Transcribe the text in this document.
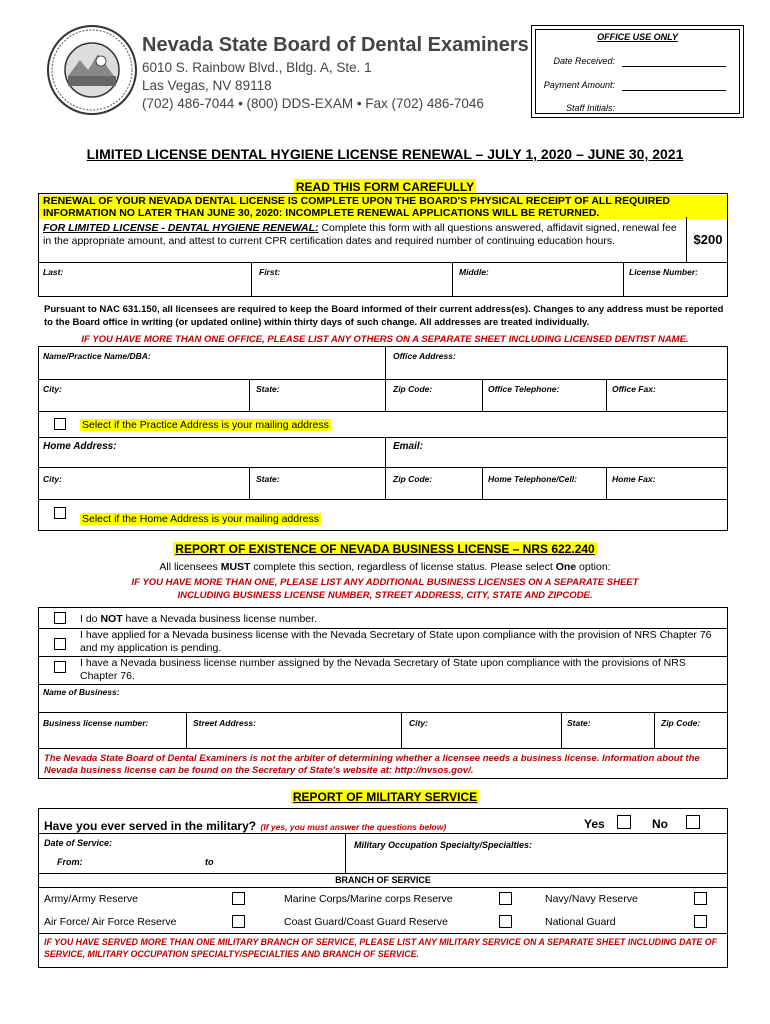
Nevada State Board of Dental Examiners
6010 S. Rainbow Blvd., Bldg. A, Ste. 1
Las Vegas, NV 89118
(702) 486-7044 • (800) DDS-EXAM • Fax (702) 486-7046
OFFICE USE ONLY
Date Received:
Payment Amount:
Staff Initials:
LIMITED LICENSE DENTAL HYGIENE LICENSE RENEWAL – JULY 1, 2020 – JUNE 30, 2021
READ THIS FORM CAREFULLY
RENEWAL OF YOUR NEVADA DENTAL LICENSE IS COMPLETE UPON THE BOARD'S PHYSICAL RECEIPT OF ALL REQUIRED INFORMATION NO LATER THAN JUNE 30, 2020: INCOMPLETE RENEWAL APPLICATIONS WILL BE RETURNED.
FOR LIMITED LICENSE - DENTAL HYGIENE RENEWAL: Complete this form with all questions answered, affidavit signed, renewal fee in the appropriate amount, and attest to current CPR certification dates and required number of continuing education hours.	$200
Last:	First:	Middle:	License Number:
Pursuant to NAC 631.150, all licensees are required to keep the Board informed of their current address(es). Changes to any address must be reported to the Board office in writing (or updated online) within thirty days of such change. All addresses are treated individually.
IF YOU HAVE MORE THAN ONE OFFICE, PLEASE LIST ANY OTHERS ON A SEPARATE SHEET INCLUDING LICENSED DENTIST NAME.
Name/Practice Name/DBA:	Office Address:
City:	State:	Zip Code:	Office Telephone:	Office Fax:
Select if the Practice Address is your mailing address
Home Address:	Email:
City:	State:	Zip Code:	Home Telephone/Cell:	Home Fax:
Select if the Home Address is your mailing address
REPORT OF EXISTENCE OF NEVADA BUSINESS LICENSE – NRS 622.240
All licensees MUST complete this section, regardless of license status. Please select One option:
IF YOU HAVE MORE THAN ONE, PLEASE LIST ANY ADDITIONAL BUSINESS LICENSES ON A SEPARATE SHEET
INCLUDING BUSINESS LICENSE NUMBER, STREET ADDRESS, CITY, STATE AND ZIPCODE.
I do NOT have a Nevada business license number.
I have applied for a Nevada business license with the Nevada Secretary of State upon compliance with the provision of NRS Chapter 76 and my application is pending.
I have a Nevada business license number assigned by the Nevada Secretary of State upon compliance with the provisions of NRS Chapter 76.
Name of Business:
Business license number:	Street Address:	City:	State:	Zip Code:
The Nevada State Board of Dental Examiners is not the arbiter of determining whether a licensee needs a business license. Information about the Nevada business license can be found on the Secretary of State's website at: http://nvsos.gov/.
REPORT OF MILITARY SERVICE
Have you ever served in the military? (If yes, you must answer the questions below)	Yes	No
Date of Service:	Military Occupation Specialty/Specialties:
From:	to
BRANCH OF SERVICE
Army/Army Reserve	Marine Corps/Marine corps Reserve	Navy/Navy Reserve
Air Force/ Air Force Reserve	Coast Guard/Coast Guard Reserve	National Guard
IF YOU HAVE SERVED MORE THAN ONE MILITARY BRANCH OF SERVICE, PLEASE LIST ANY MILITARY SERVICE ON A SEPARATE SHEET INCLUDING DATE OF SERVICE, MILITARY OCCUPATION SPECIALTY/SPECIALTIES AND BRANCH OF SERVICE.
